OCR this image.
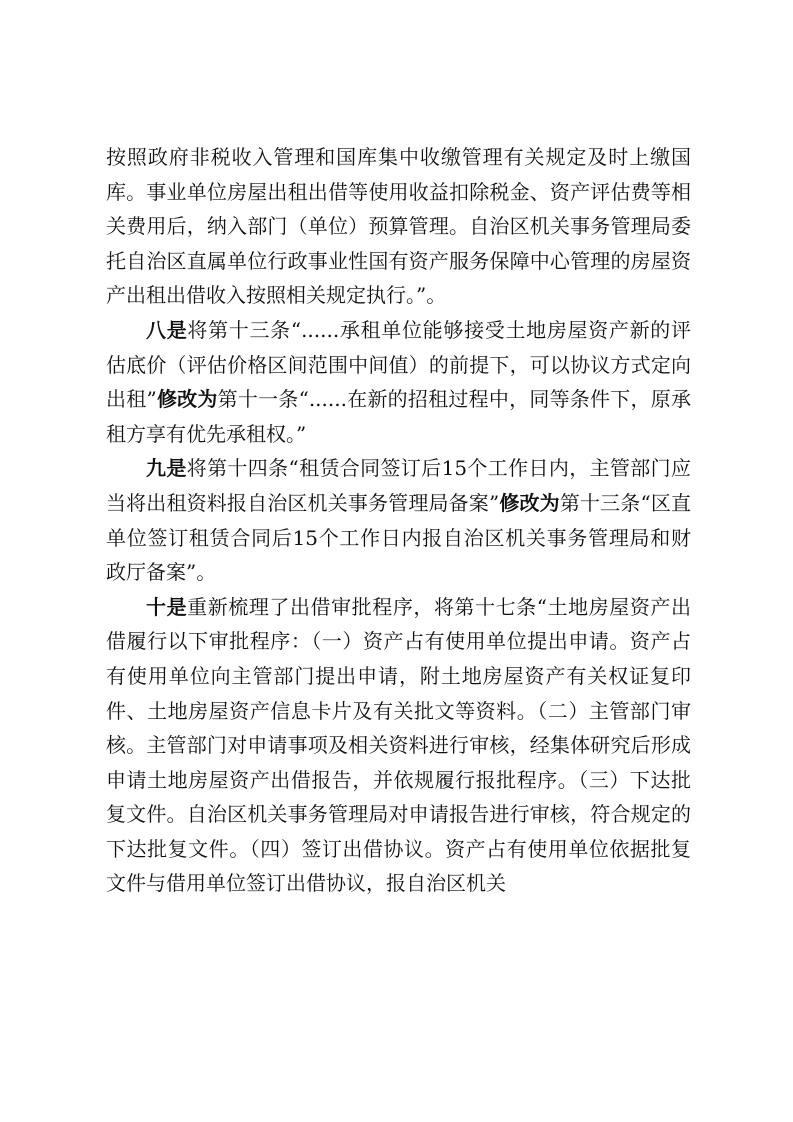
按照政府非税收入管理和国库集中收缴管理有关规定及时上缴国库。事业单位房屋出租出借等使用收益扣除税金、资产评估费等相关费用后，纳入部门（单位）预算管理。自治区机关事务管理局委托自治区直属单位行政事业性国有资产服务保障中心管理的房屋资产出租出借收入按照相关规定执行。”。

八是将第十三条“......承租单位能够接受土地房屋资产新的评估底价（评估价格区间范围中间值）的前提下，可以协议方式定向出租”修改为第十一条“......在新的招租过程中，同等条件下，原承租方享有优先承租权。”

九是将第十四条“租赁合同签订后15个工作日内，主管部门应当将出租资料报自治区机关事务管理局备案”修改为第十三条“区直单位签订租赁合同后15个工作日内报自治区机关事务管理局和财政厅备案”。

十是重新梳理了出借审批程序，将第十七条“土地房屋资产出借履行以下审批程序：（一）资产占有使用单位提出申请。资产占有使用单位向主管部门提出申请，附土地房屋资产有关权证复印件、土地房屋资产信息卡片及有关批文等资料。（二）主管部门审核。主管部门对申请事项及相关资料进行审核，经集体研究后形成申请土地房屋资产出借报告，并依规履行报批程序。（三）下达批复文件。自治区机关事务管理局对申请报告进行审核，符合规定的下达批复文件。（四）签订出借协议。资产占有使用单位依据批复文件与借用单位签订出借协议，报自治区机关
